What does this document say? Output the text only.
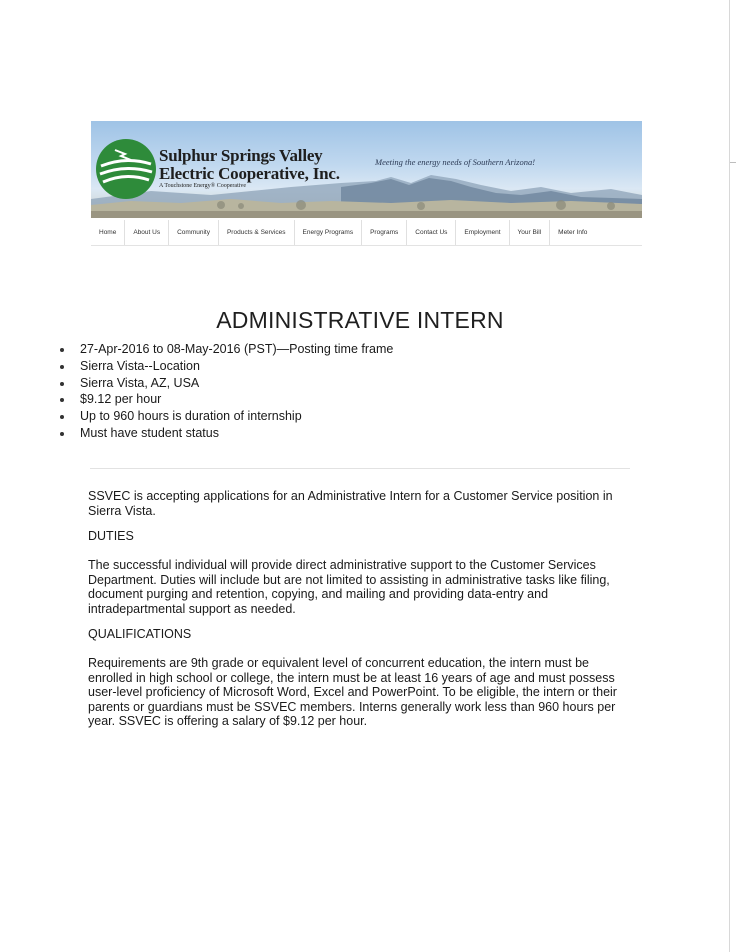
Sulphur Springs Valley
Electric Cooperative, Inc.
A Touchstone Energy® Cooperative
Meeting the energy needs of Southern Arizona!
Home	About Us	Community	Products & Services	Energy Programs	Programs	Contact Us	Employment	Your Bill	Meter Info
ADMINISTRATIVE INTERN
27-Apr-2016 to 08-May-2016 (PST)—Posting time frame
Sierra Vista--Location
Sierra Vista, AZ, USA
$9.12 per hour
Up to 960 hours is duration of internship
Must have student status

SSVEC is accepting applications for an Administrative Intern for a Customer Service position in Sierra Vista.

DUTIES

The successful individual will provide direct administrative support to the Customer Services Department. Duties will include but are not limited to assisting in administrative tasks like filing, document purging and retention, copying, and mailing and providing data-entry and intradepartmental support as needed.

QUALIFICATIONS

Requirements are 9th grade or equivalent level of concurrent education, the intern must be enrolled in high school or college, the intern must be at least 16 years of age and must possess user-level proficiency of Microsoft Word, Excel and PowerPoint. To be eligible, the intern or their parents or guardians must be SSVEC members. Interns generally work less than 960 hours per year. SSVEC is offering a salary of $9.12 per hour.
